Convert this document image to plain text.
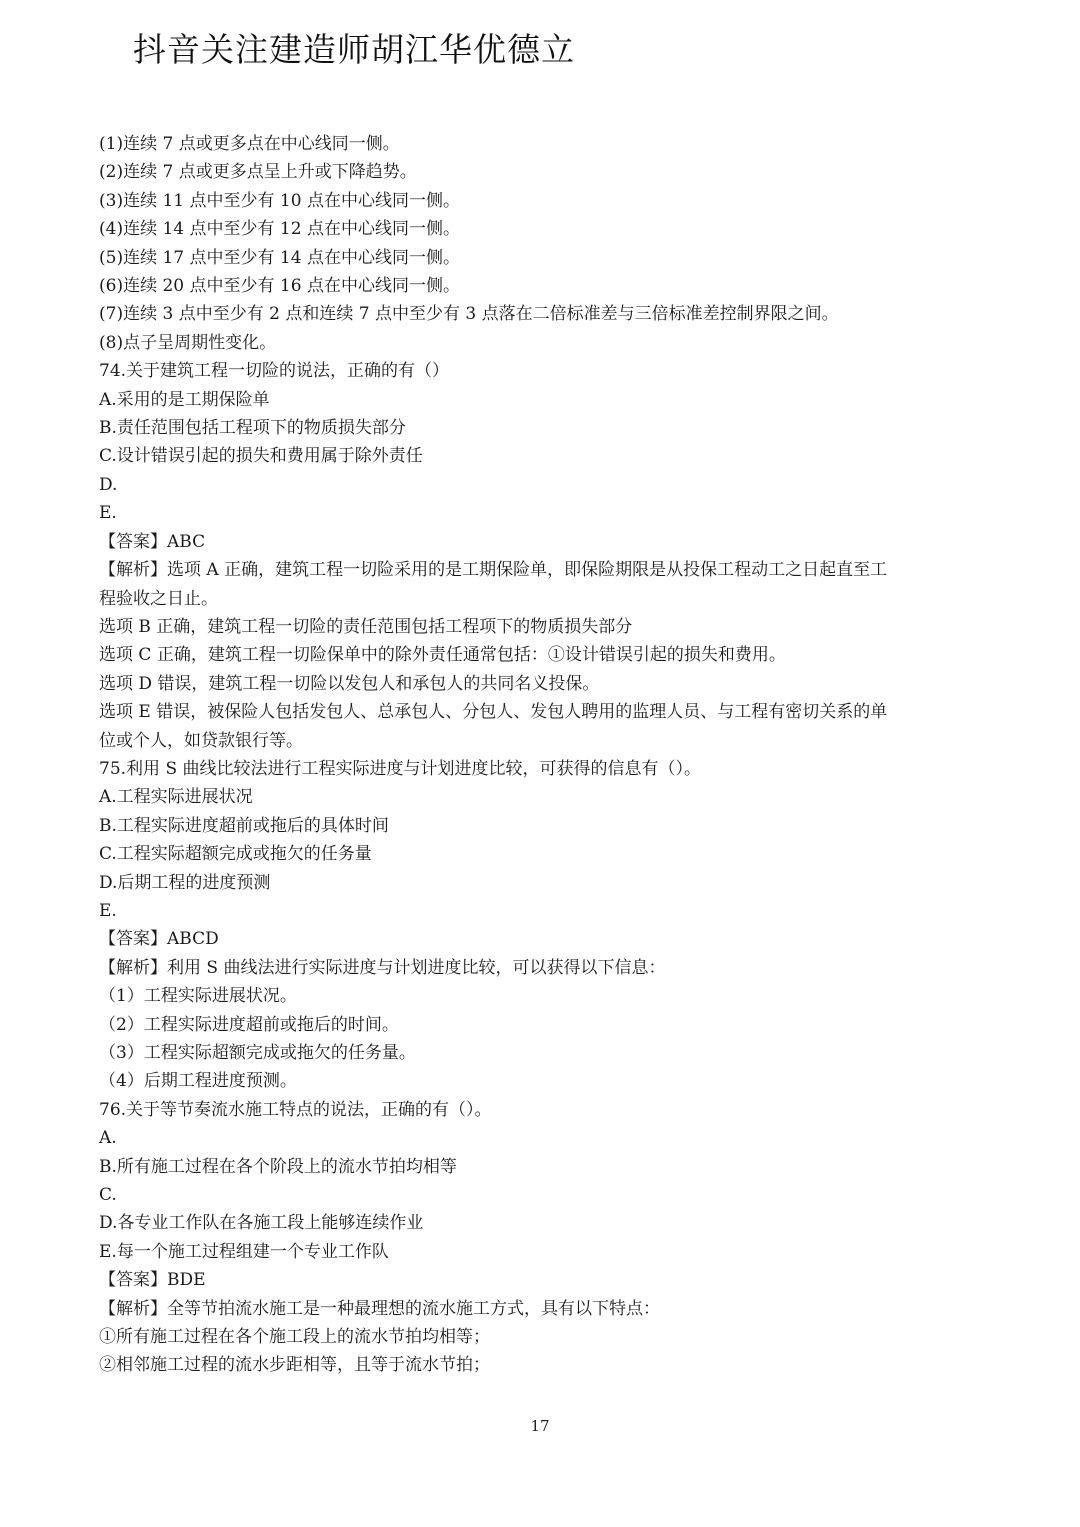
抖音关注建造师胡江华优德立
(1)连续 7 点或更多点在中心线同一侧。
(2)连续 7 点或更多点呈上升或下降趋势。
(3)连续 11 点中至少有 10 点在中心线同一侧。
(4)连续 14 点中至少有 12 点在中心线同一侧。
(5)连续 17 点中至少有 14 点在中心线同一侧。
(6)连续 20 点中至少有 16 点在中心线同一侧。
(7)连续 3 点中至少有 2 点和连续 7 点中至少有 3 点落在二倍标准差与三倍标准差控制界限之间。
(8)点子呈周期性变化。
74.关于建筑工程一切险的说法，正确的有（）
A.采用的是工期保险单
B.责任范围包括工程项下的物质损失部分
C.设计错误引起的损失和费用属于除外责任
D.
E.
【答案】ABC
【解析】选项 A 正确，建筑工程一切险采用的是工期保险单，即保险期限是从投保工程动工之日起直至工
程验收之日止。
选项 B 正确，建筑工程一切险的责任范围包括工程项下的物质损失部分
选项 C 正确，建筑工程一切险保单中的除外责任通常包括：①设计错误引起的损失和费用。
选项 D 错误，建筑工程一切险以发包人和承包人的共同名义投保。
选项 E 错误，被保险人包括发包人、总承包人、分包人、发包人聘用的监理人员、与工程有密切关系的单
位或个人，如贷款银行等。
75.利用 S 曲线比较法进行工程实际进度与计划进度比较，可获得的信息有（）。
A.工程实际进展状况
B.工程实际进度超前或拖后的具体时间
C.工程实际超额完成或拖欠的任务量
D.后期工程的进度预测
E.
【答案】ABCD
【解析】利用 S 曲线法进行实际进度与计划进度比较，可以获得以下信息：
（1）工程实际进展状况。
（2）工程实际进度超前或拖后的时间。
（3）工程实际超额完成或拖欠的任务量。
（4）后期工程进度预测。
76.关于等节奏流水施工特点的说法，正确的有（）。
A.
B.所有施工过程在各个阶段上的流水节拍均相等
C.
D.各专业工作队在各施工段上能够连续作业
E.每一个施工过程组建一个专业工作队
【答案】BDE
【解析】全等节拍流水施工是一种最理想的流水施工方式，具有以下特点：
①所有施工过程在各个施工段上的流水节拍均相等；
②相邻施工过程的流水步距相等，且等于流水节拍；
17
